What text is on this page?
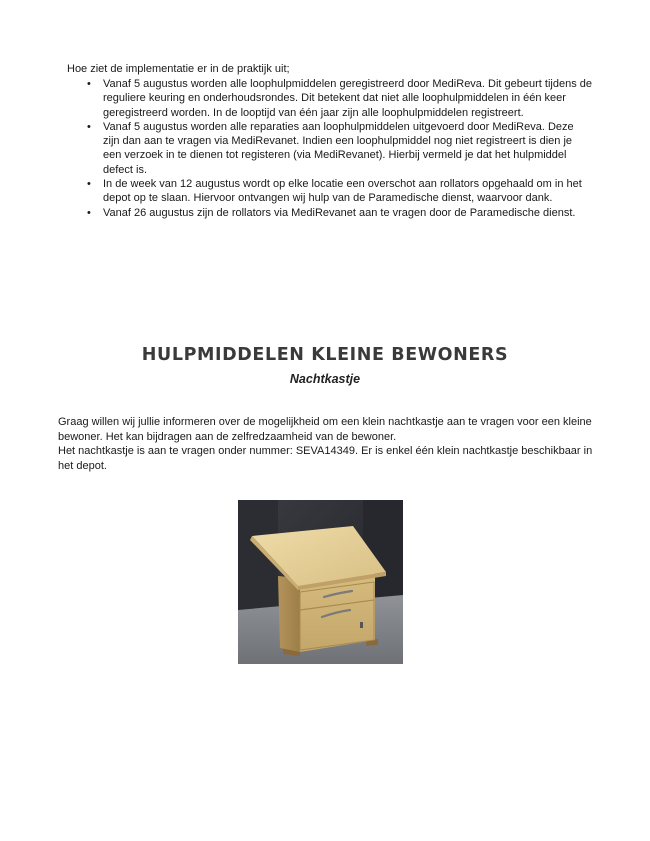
Hoe ziet de implementatie er in de praktijk uit;

• Vanaf 5 augustus worden alle loophulpmiddelen geregistreerd door MediReva. Dit gebeurt tijdens de reguliere keuring en onderhoudsrondes. Dit betekent dat niet alle loophulpmiddelen in één keer geregistreerd worden. In de looptijd van één jaar zijn alle loophulpmiddelen registreert.
• Vanaf 5 augustus worden alle reparaties aan loophulpmiddelen uitgevoerd door MediReva. Deze zijn dan aan te vragen via MediRevanet. Indien een loophulpmiddel nog niet registreert is dien je een verzoek in te dienen tot registeren (via MediRevanet). Hierbij vermeld je dat het hulpmiddel defect is.
• In de week van 12 augustus wordt op elke locatie een overschot aan rollators opgehaald om in het depot op te slaan. Hiervoor ontvangen wij hulp van de Paramedische dienst, waarvoor dank.
• Vanaf 26 augustus zijn de rollators via MediRevanet aan te vragen door de Paramedische dienst.
HULPMIDDELEN KLEINE BEWONERS
Nachtkastje

Graag willen wij jullie informeren over de mogelijkheid om een klein nachtkastje aan te vragen voor een kleine bewoner. Het kan bijdragen aan de zelfredzaamheid van de bewoner.

Het nachtkastje is aan te vragen onder nummer: SEVA14349. Er is enkel één klein nachtkastje beschikbaar in het depot.
